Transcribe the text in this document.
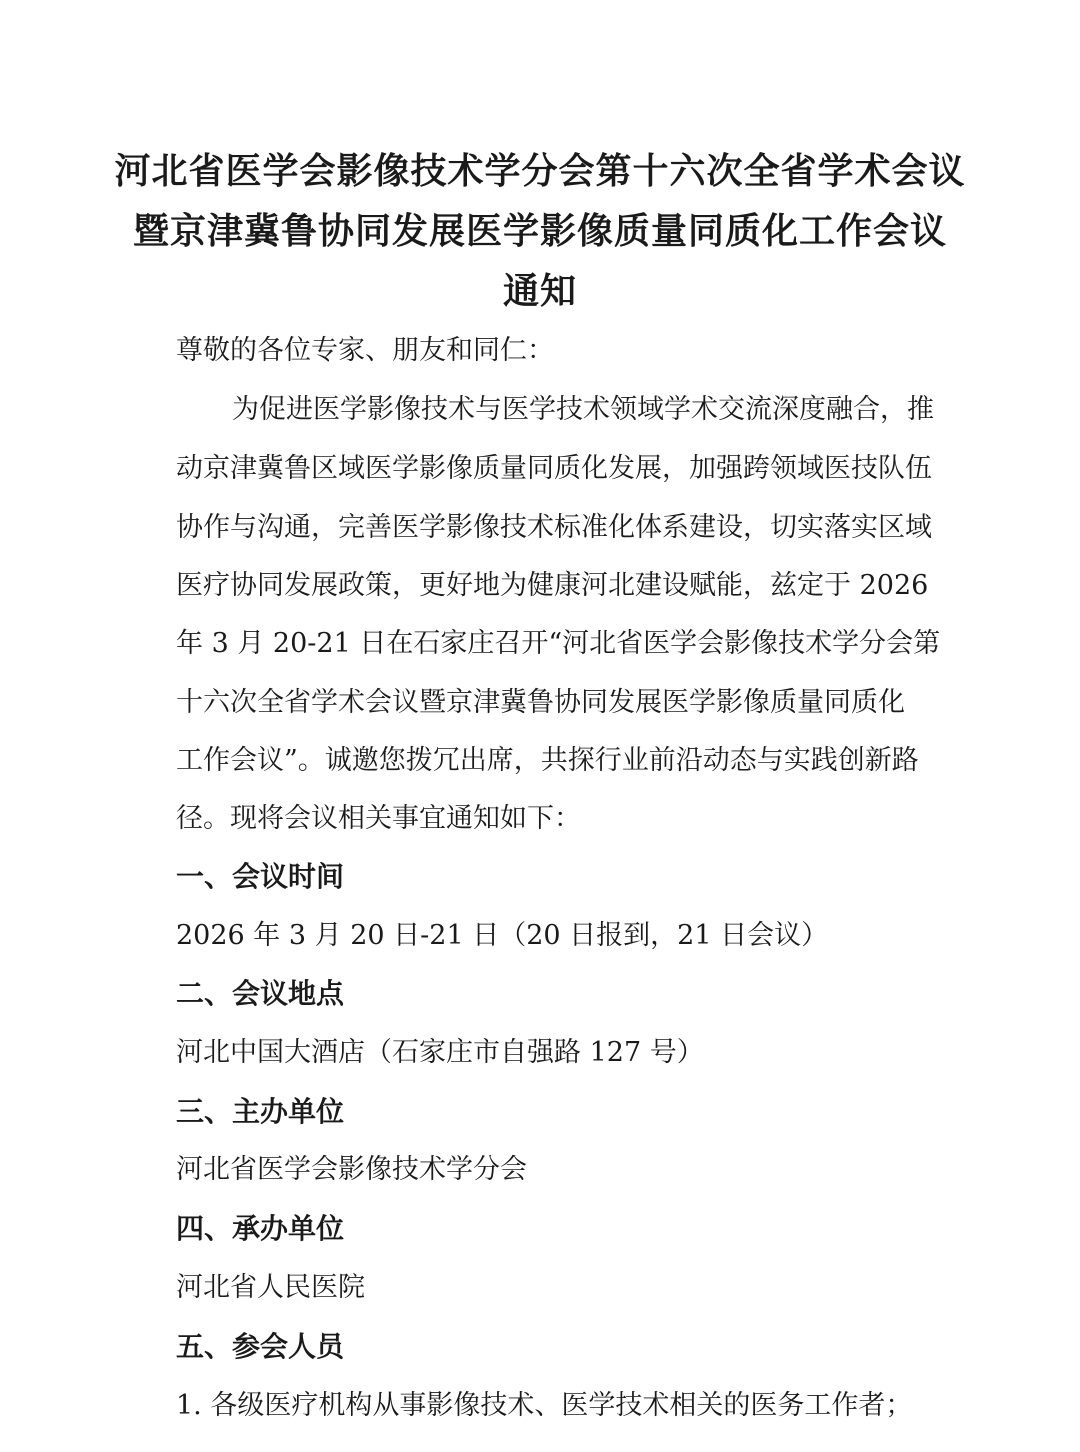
河北省医学会影像技术学分会第十六次全省学术会议
暨京津冀鲁协同发展医学影像质量同质化工作会议
通知
尊敬的各位专家、朋友和同仁：
为促进医学影像技术与医学技术领域学术交流深度融合，推
动京津冀鲁区域医学影像质量同质化发展，加强跨领域医技队伍
协作与沟通，完善医学影像技术标准化体系建设，切实落实区域
医疗协同发展政策，更好地为健康河北建设赋能，兹定于 2026
年 3 月 20-21 日在石家庄召开“河北省医学会影像技术学分会第
十六次全省学术会议暨京津冀鲁协同发展医学影像质量同质化
工作会议”。诚邀您拨冗出席，共探行业前沿动态与实践创新路
径。现将会议相关事宜通知如下：
一、会议时间
2026 年 3 月 20 日-21 日（20 日报到，21 日会议）
二、会议地点
河北中国大酒店（石家庄市自强路 127 号）
三、主办单位
河北省医学会影像技术学分会
四、承办单位
河北省人民医院
五、参会人员
1. 各级医疗机构从事影像技术、医学技术相关的医务工作者；
